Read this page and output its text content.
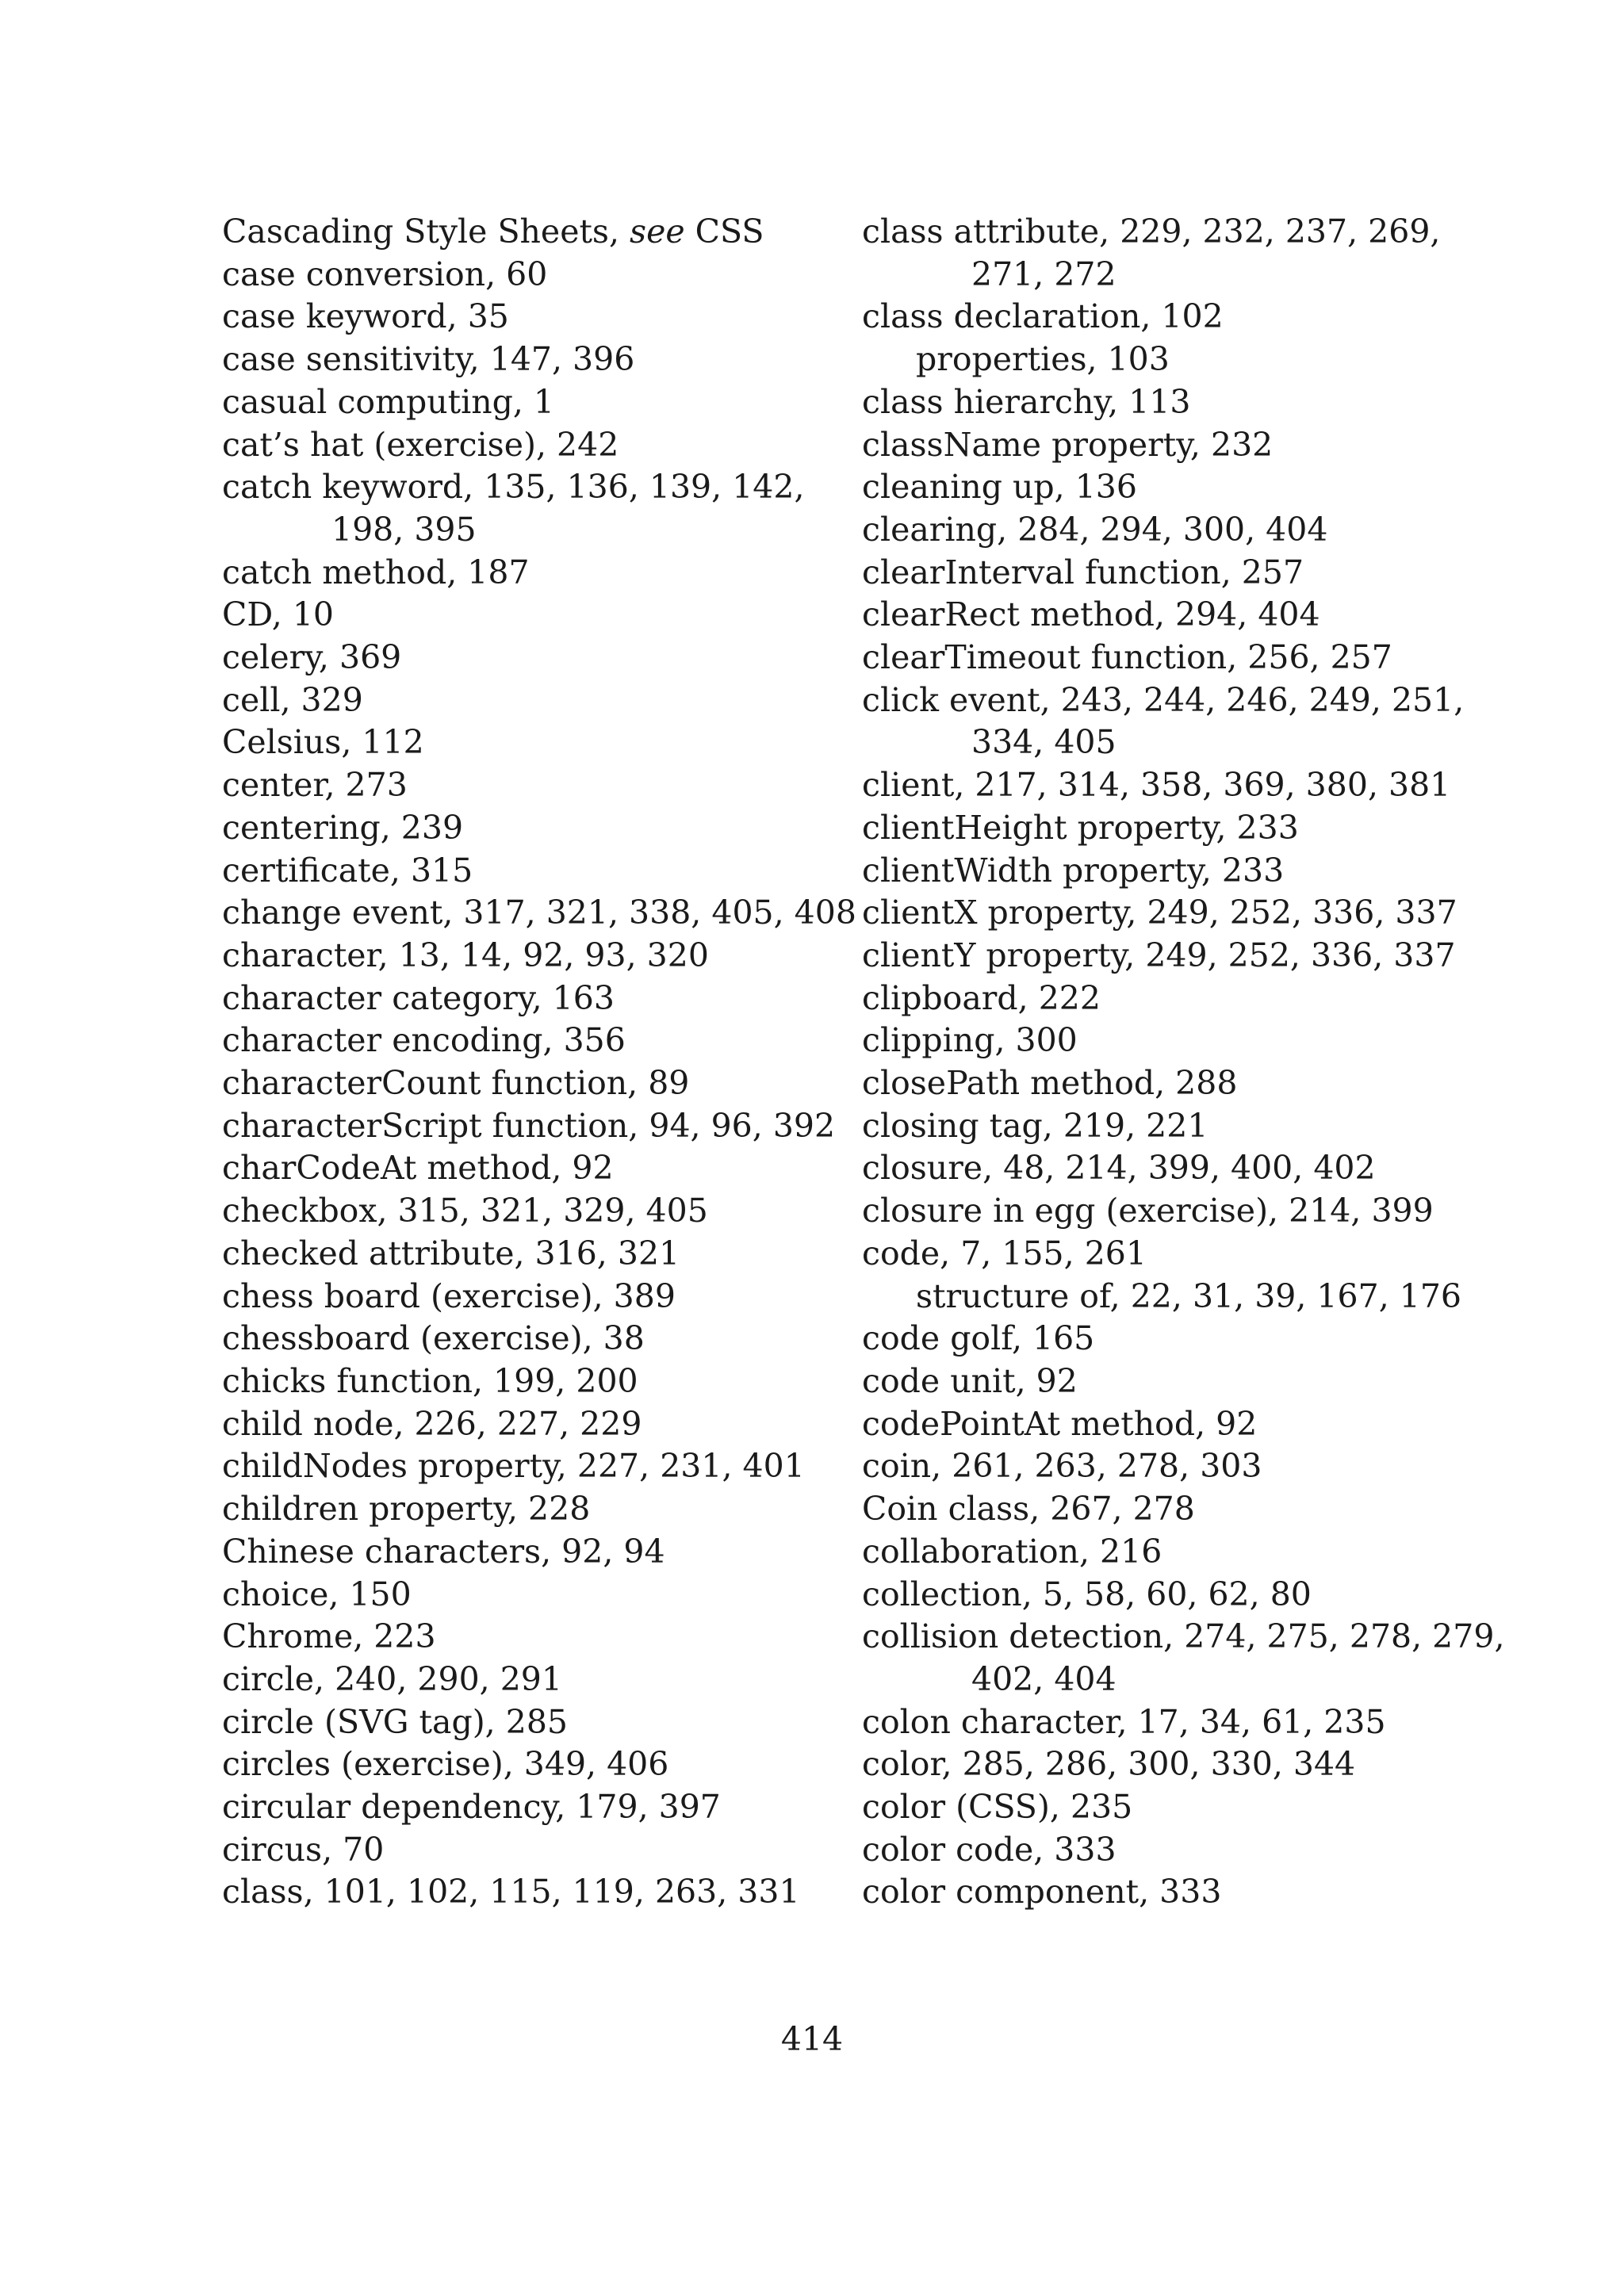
Cascading Style Sheets, see CSS
case conversion, 60
case keyword, 35
case sensitivity, 147, 396
casual computing, 1
cat’s hat (exercise), 242
catch keyword, 135, 136, 139, 142,
198, 395
catch method, 187
CD, 10
celery, 369
cell, 329
Celsius, 112
center, 273
centering, 239
certificate, 315
change event, 317, 321, 338, 405, 408
character, 13, 14, 92, 93, 320
character category, 163
character encoding, 356
characterCount function, 89
characterScript function, 94, 96, 392
charCodeAt method, 92
checkbox, 315, 321, 329, 405
checked attribute, 316, 321
chess board (exercise), 389
chessboard (exercise), 38
chicks function, 199, 200
child node, 226, 227, 229
childNodes property, 227, 231, 401
children property, 228
Chinese characters, 92, 94
choice, 150
Chrome, 223
circle, 240, 290, 291
circle (SVG tag), 285
circles (exercise), 349, 406
circular dependency, 179, 397
circus, 70
class, 101, 102, 115, 119, 263, 331
class attribute, 229, 232, 237, 269,
271, 272
class declaration, 102
properties, 103
class hierarchy, 113
className property, 232
cleaning up, 136
clearing, 284, 294, 300, 404
clearInterval function, 257
clearRect method, 294, 404
clearTimeout function, 256, 257
click event, 243, 244, 246, 249, 251,
334, 405
client, 217, 314, 358, 369, 380, 381
clientHeight property, 233
clientWidth property, 233
clientX property, 249, 252, 336, 337
clientY property, 249, 252, 336, 337
clipboard, 222
clipping, 300
closePath method, 288
closing tag, 219, 221
closure, 48, 214, 399, 400, 402
closure in egg (exercise), 214, 399
code, 7, 155, 261
structure of, 22, 31, 39, 167, 176
code golf, 165
code unit, 92
codePointAt method, 92
coin, 261, 263, 278, 303
Coin class, 267, 278
collaboration, 216
collection, 5, 58, 60, 62, 80
collision detection, 274, 275, 278, 279,
402, 404
colon character, 17, 34, 61, 235
color, 285, 286, 300, 330, 344
color (CSS), 235
color code, 333
color component, 333
414
